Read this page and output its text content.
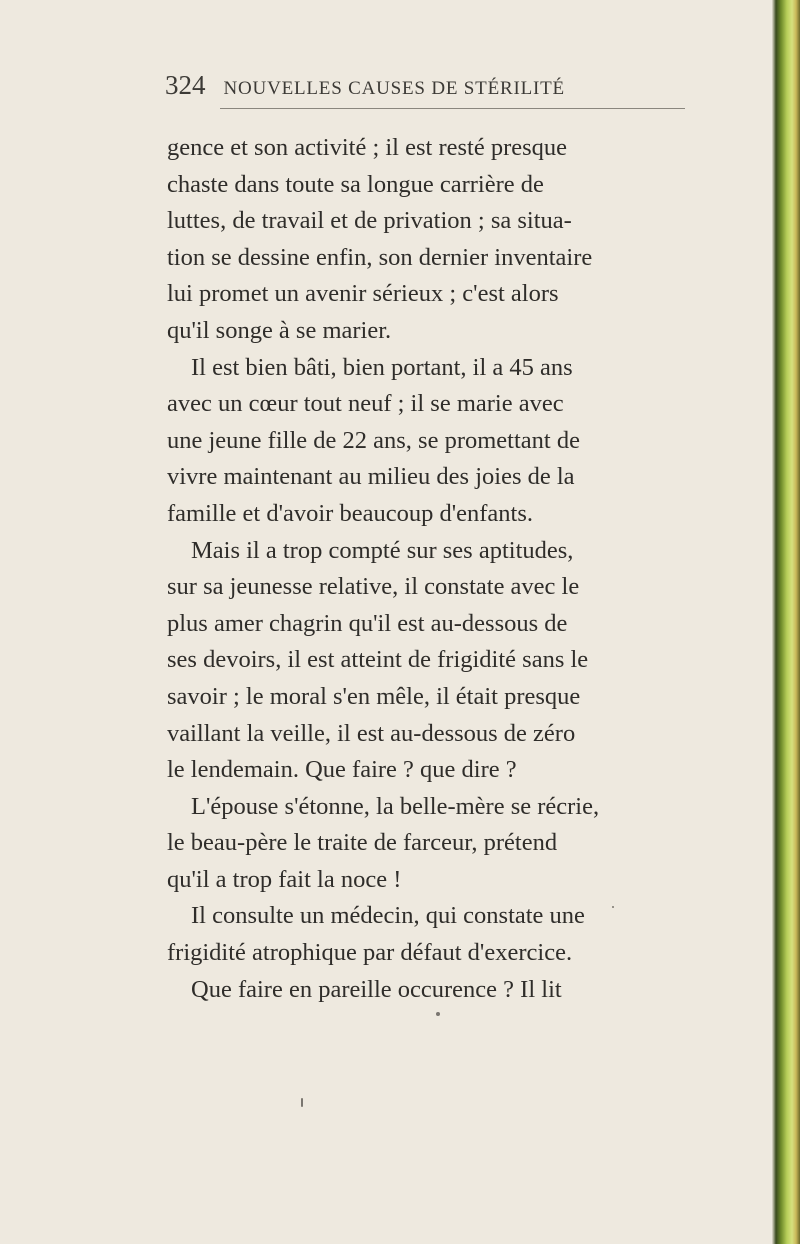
324 NOUVELLES CAUSES DE STÉRILITÉ
gence et son activité ; il est resté presque
chaste dans toute sa longue carrière de
luttes, de travail et de privation ; sa situa-
tion se dessine enfin, son dernier inventaire
lui promet un avenir sérieux ; c'est alors
qu'il songe à se marier.
Il est bien bâti, bien portant, il a 45 ans
avec un cœur tout neuf ; il se marie avec
une jeune fille de 22 ans, se promettant de
vivre maintenant au milieu des joies de la
famille et d'avoir beaucoup d'enfants.
Mais il a trop compté sur ses aptitudes,
sur sa jeunesse relative, il constate avec le
plus amer chagrin qu'il est au-dessous de
ses devoirs, il est atteint de frigidité sans le
savoir ; le moral s'en mêle, il était presque
vaillant la veille, il est au-dessous de zéro
le lendemain. Que faire ? que dire ?
L'épouse s'étonne, la belle-mère se récrie,
le beau-père le traite de farceur, prétend
qu'il a trop fait la noce !
Il consulte un médecin, qui constate une
frigidité atrophique par défaut d'exercice.
Que faire en pareille occurence ? Il lit
